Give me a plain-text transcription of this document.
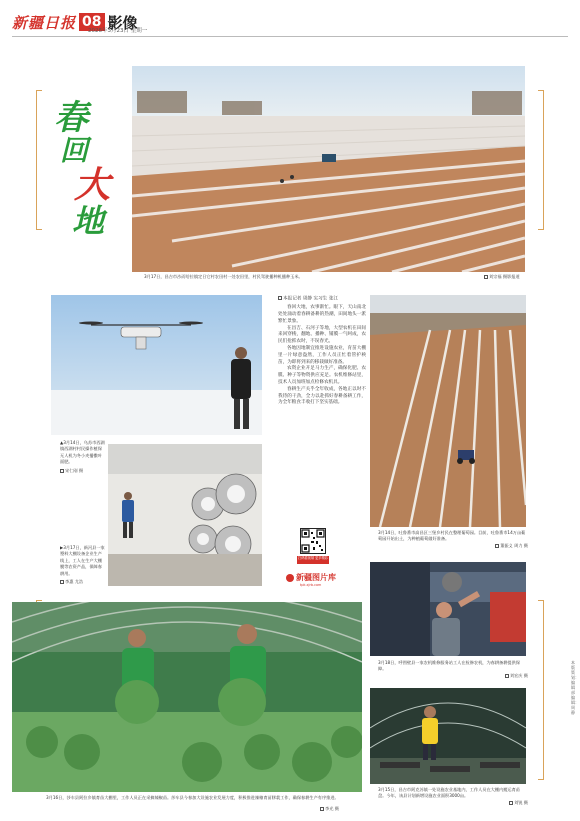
新疆日报 08 影像
2026年3月23日 星期一
春
回
大
地
3月17日，昌吉市沙而哈拉镇定日它村农田村一处农田里，村民驾驶播种机播种玉米。	刘宗福 摄影报道
▲3月14日，乌苏市西湖镇西湖村村民操作植保无人机为冬小麦播撒叶面肥。
宋仁刚 摄
▶3月17日，新河县一家塑料大棚设备企业生产线上，工人在生产大棚膜等农资产品，保障春耕用。
李惠 尤浩
本报记者 周静 实习生 张江

春回大地，农事渐忙。眼下，天山南北处处涌动着春耕备耕的热潮，田间地头一派繁忙景象。

在昌吉、石河子等地，大型农机在田间来回穿梭，翻地、播种、铺膜一气呵成，农民们抢抓农时，不误春光。

各地因地制宜推进设施农业，育苗大棚里一片绿意盎然，工作人员正忙着管护秧苗，为即将到来的移栽做好准备。

农资企业开足马力生产，确保化肥、农膜、种子等物资供应充足。农机维修站里，技术人员加班加点检修农机具。

春耕生产关乎全年收成，各地正以时不我待的干劲，全力以赴抓好春耕备耕工作，为全年粮食丰收打下坚实基础。

扫码看视频 更多精彩
新疆图片库
tpk.xjrb.com
3月14日，吐鲁番市高昌区三堡乡村民在整理葡萄园。目前，吐鲁番市14万亩葡萄园开始出土，为种植葡萄做好准备。
董振义 周力 摄
3月18日，呼图壁县一家农机维修服务站工人在检修农机，为春耕备耕提供保障。
刘宏庆 摄
3月16日，莎车县阿拉乡镇育苗大棚里，工作人员正在采摘辣椒苗。莎车县今春加大设施农业发展力度，积极推进辣椒育苗移栽工作，确保春耕生产有序推进。
李光 摄
3月15日，昌吉市阿克苏镇一处设施农业基地内，工作人员在大棚内搬运育苗盘。今年，该县计划新增设施农业面积3000亩。
刘锐 摄
本版策划：编辑部 编辑：周静
